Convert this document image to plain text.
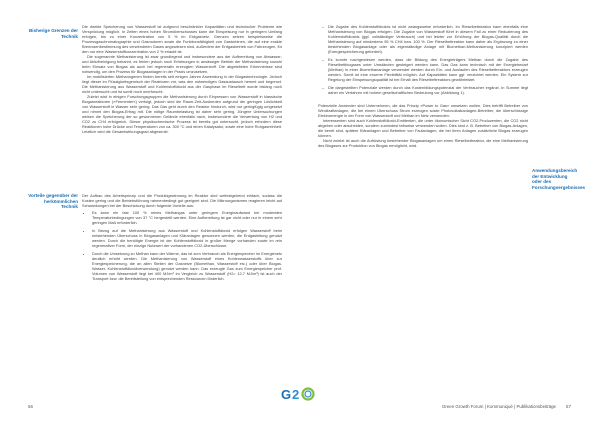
Bisherige Grenzen der Technik

Die direkte Speicherung von Wasserstoff ist aufgrund beschränkter Kapazitäten und technischer Probleme wie Versprödung möglich. In Zeiten eines hohen Stromüberschusses kann die Einspeisung nur in geringem Umfang erfolgen, bis zu einer Konzentration von 5 % im Erdgasnetz. Grenzen setzen beispielsweise die Prozessgaschromatographie und Gasmotoren sowie die Funktionsfähigkeit von Gasturbinen, die auf eine exakte Brennwertbestimmung des verwendeten Gases angewiesen sind, außerdem der Erdgasbetrieb von Fahrzeugen, für den nur eine Wasserstoffkonzentration von 2 % erlaubt ist.

Die sogenannte Methanisierung ist zwar grundlegend und insbesondere aus der Aufbereitung von Abwasser- und Abluftreinigung bekannt, es fehlen jedoch noch Erfahrungen in ansässiger Betrieb der Methanisierung sowohl beim Einsatz von Biogas als auch bei regenerativ erzeugten Wasserstoff. Die abgeleiteten Erkenntnisse sind notwendig, um den Prozess für Biogasanlagen in der Praxis umzusetzen.

Im mobilisierten Methanogenen finden bereits seit einigen Jahren Anwendung in der Biogastechnologie. Jedoch liegt dieser im Flüssigkeitsgemisch der Reaktoren vor, was den notwendigen Gasaustausch hemmt und begrenzt. Die Methanisierung aus Wasserstoff und Kohlenstoffdioxid aus der Gasphase im Rieselbett wurde bislang noch nicht untersucht und ist somit noch unerforscht.

Zuletzt wird in einigen Forschungsgruppen die Methanisierung durch Einpressen von Wasserstoff in klassische Biogasreaktoren (»Fermenter«) verfolgt, jedoch sind die Raum-Zeit-Ausbeuten aufgrund der geringen Löslichkeit von Wasserstoff in Wasser sehr gering. Das Gas geht durch den Reaktor hindurch, wird nur geringfügig umgesetzt und nimmt den Biogas-Ertrag mit. Die nötige Raumbelastung ist daher sehr gering. Jüngere Untersuchungen weisen die Speicherung der so gewonnenen Gelände ebenfalls nach, insbesondere die Verwertung von H2 und CO2 zu CH4 erfolgreich. Dieser physikochemische Prozess ist bereits gut untersucht, jedoch erfordern diese Reaktionen hohe Drücke und Temperaturen von ca. 300 °C und einen Katalysator, sowie eine hohe Rohgasreinheit. Letztlich wird die Gesamtwirkungsgrad abgesenkt.

Vorteile gegenüber der herkömmlichen Technik

Der Aufbau des Arbeitsprinzip und die Produktgewinnung im Reaktor sind weitestgehend einfach, sodass die Kosten gering und die Betriebsführung rahmenbedingt gut geeignet sind. Die Mikroorganismen reagieren leicht auf Schwankungen bei der Beschickung durch folgende Vorteile aus:

• Es kann ein fast 100 % reines Methangas unter geringem Energieaufwand bei moderaten Temperaturbedingungen von 37 °C hergestellt werden. Eine Aufbereitung ist gar nicht oder nur in einem sehr geringen Maß erforderlich.
• In Bezug auf die Methanisierung aus Wasserstoff und Kohlenstoffdioxid erfolgen Wasserstoff beim entstehenden Überschuss in Biogasanlagen und Kläranlagen gewonnen werden, die Erdgasleitung genutzt werden. Durch die benötigte Energie ist der Kohlenstoffdioxid in großer Menge vorhanden sowie im rein regenerativer Form, der einzige Nutzwert der vorhandenen CO2-Überschüsse.
• Durch die Umsetzung zu Methan kann der Wärme, das ist zum Verbrauch als Energiespeicher im Energienetz deutlich erhöht werden. Die Methanisierung von Wasserstoff eines Kohlenwasserstoffs über zur Energiespeicherung, die an allen Stellen der Gasnetze (Biomethan, Wasserstoff etc.) oder über Biogas, Wasser, Kohlenstoffdioxidverwendung) genutzt werden kann. Das erzeugte Gas zum Energiespeicher prof. Volumen von Wasserstoff liegt bei 400 MJ/m³ im Vergleich zu Wasserstoff (H2= 12,7 MJ/m³) ist auch der Transport bzw. die Bereitstellung von entsprechenden Ressourcen förderlich.
56
– Die Zugabe des Kohlenstoffdioxids ist nicht zwangsweise erforderlich. Im Rieselbettreaktor kann ebenfalls eine Methanisierung von Biogas erfolgen. Die Zugabe von Wasserstoff führt in diesem Fall zu einer Reduzierung des Kohlenstoffdioxids (ggf. vollständiger Verbrauch) und bei letzter zur Erhöhung der Biogas-Qualität durch die Methanisierung auf mindestens 95 % CH4 bzw. 100 %. Der Rieselbettreaktor kann daher als Ergänzung zu einer bestehenden Biogasanlage oder als eigenständige Anlage mit Biomethan-Methanisierung konzipiert werden (Energiespeicherung gefordert).
– Es konnte nachgewiesen werden, dass die Bildung des Energieträgers Methan durch die Zugabe des Rieselbettbiogases unter Umständen gesteigert werden kann. Das Gas kann technisch mit der Energiebedarf (Methan) in einer Biomethananlage verwendet werden durch Ein- und Auslaufen des Rieselbettreaktors erzeugen werden. Somit ist eine enorme Flexibilität möglich. Auf Kapazitäten kann ggf. verzichtet werden. Ein System zur Regelung der Einspeisungsqualität ist bei Erhalt des Rieselbettreaktors gewährleistet.
– Die dargestellten Potenziale werden durch das Kostenbildungspotenzial der Verbraucher ergänzt. In Summe liegt daher ein Verfahren mit hohem gesellschaftlichen Bedeutung vor (Abbildung 1).

Potenzielle Anwender sind Unternehmen, die das Prinzip »Power to Gas« umsetzen wollen. Dies betrifft Betreiber von Windkraftanlagen, die bei einem Überschuss Strom erzeugen sowie Photovoltaikanlagen-Betreiber, die überschüssige Elektroenergie in der Form von Wasserstoff und Methan im Netz verwenden.

Interessenten sind auch Kohlenstoffdioxid-Emittenten, die unter ökonomischer Sicht CO2-Produzenten, die CO2 nicht abgeben oder abscheiden, sondern zumindest teilweise verwenden wollen. Dies sind z. B. Betreiber von Biogas-Anlagen, die bereit sind, spätere Kläranlagen und Betreiber von Faulanlagen, die bei ihren Anlagen zusätzliche Biogas erzeugen können.

Nicht zuletzt ist auch die Aufrüstung bestehender Biogasanlagen um einen Rieselbettreaktor, die eine Methanisierung des Biogases zur Produktion von Biogas ermöglicht, wird.

Anwendungsbereich der Entwicklung oder des Forschungsergebnisses
Green Growth Forum | Kommuniqué | Publikationsbeiträge 57
G 2
